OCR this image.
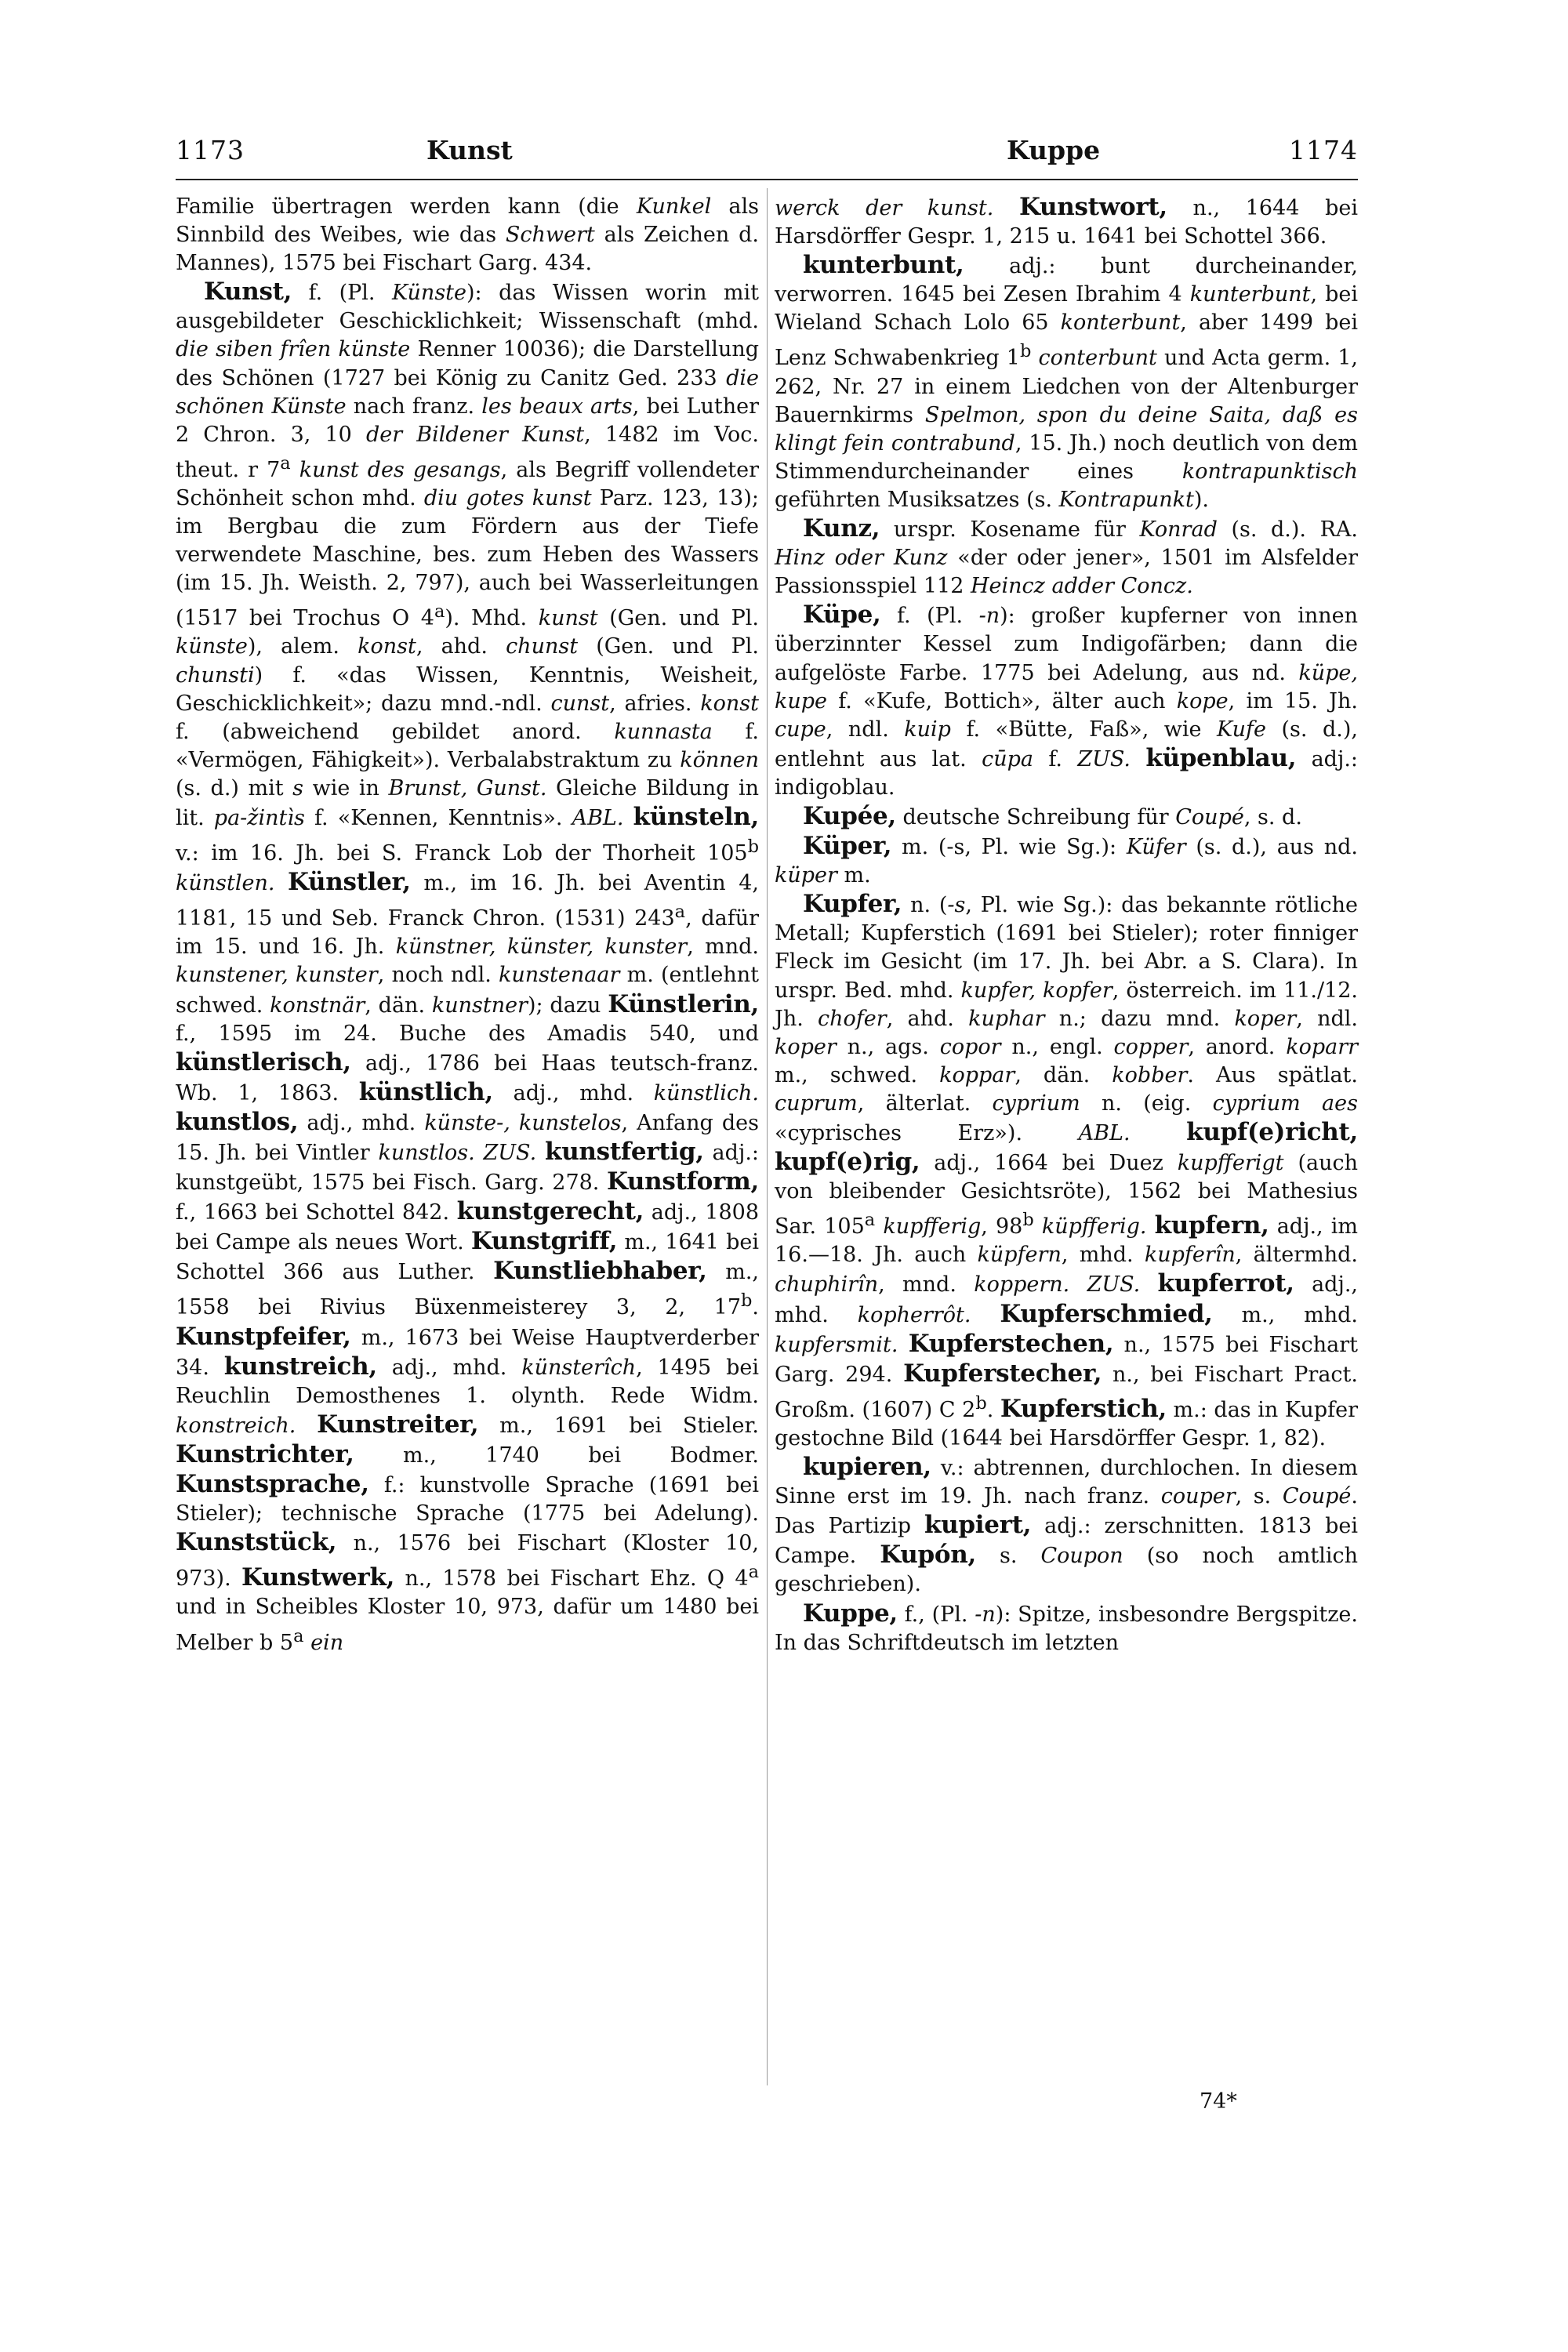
1173	Kunst	Kuppe	1174

Familie übertragen werden kann (die Kunkel als Sinnbild des Weibes, wie das Schwert als Zeichen d. Mannes), 1575 bei Fischart Garg. 434.

Kunst, f. (Pl. Künste): das Wissen worin mit ausgebildeter Geschicklichkeit; Wissenschaft (mhd. die siben frîen künste Renner 10036); die Darstellung des Schönen (1727 bei König zu Canitz Ged. 233 die schönen Künste nach franz. les beaux arts, bei Luther 2 Chron. 3, 10 der Bildener Kunst, 1482 im Voc. theut. r 7$^a$ kunst des gesangs, als Begriff vollendeter Schönheit schon mhd. diu gotes kunst Parz. 123, 13); im Bergbau die zum Fördern aus der Tiefe verwendete Maschine, bes. zum Heben des Wassers (im 15. Jh. Weisth. 2, 797), auch bei Wasserleitungen (1517 bei Trochus O 4$^a$). Mhd. kunst (Gen. und Pl. künste), alem. konst, ahd. chunst (Gen. und Pl. chunsti) f. «das Wissen, Kenntnis, Weisheit, Geschicklichkeit»; dazu mnd.-ndl. cunst, afries. konst f. (abweichend gebildet anord. kunnasta f. «Vermögen, Fähigkeit»). Verbalabstraktum zu können (s. d.) mit s wie in Brunst, Gunst. Gleiche Bildung in lit. pa-žintìs f. «Kennen, Kenntnis». ABL. künsteln, v.: im 16. Jh. bei S. Franck Lob der Thorheit 105$^b$ künstlen. Künstler, m., im 16. Jh. bei Aventin 4, 1181, 15 und Seb. Franck Chron. (1531) 243$^a$, dafür im 15. und 16. Jh. künstner, künster, kunster, mnd. kunstener, kunster, noch ndl. kunstenaar m. (entlehnt schwed. konstnär, dän. kunstner); dazu Künstlerin, f., 1595 im 24. Buche des Amadis 540, und künstlerisch, adj., 1786 bei Haas teutsch-franz. Wb. 1, 1863. künstlich, adj., mhd. künstlich. kunstlos, adj., mhd. künste-, kunstelos, Anfang des 15. Jh. bei Vintler kunstlos. ZUS. kunstfertig, adj.: kunstgeübt, 1575 bei Fisch. Garg. 278. Kunstform, f., 1663 bei Schottel 842. kunstgerecht, adj., 1808 bei Campe als neues Wort. Kunstgriff, m., 1641 bei Schottel 366 aus Luther. Kunstliebhaber, m., 1558 bei Rivius Büxenmeisterey 3, 2, 17$^b$. Kunstpfeifer, m., 1673 bei Weise Hauptverderber 34. kunstreich, adj., mhd. künsterîch, 1495 bei Reuchlin Demosthenes 1. olynth. Rede Widm. konstreich. Kunstreiter, m., 1691 bei Stieler. Kunstrichter, m., 1740 bei Bodmer. Kunstsprache, f.: kunstvolle Sprache (1691 bei Stieler); technische Sprache (1775 bei Adelung). Kunststück, n., 1576 bei Fischart (Kloster 10, 973). Kunstwerk, n., 1578 bei Fischart Ehz. Q 4$^a$ und in Scheibles Kloster 10, 973, dafür um 1480 bei Melber b 5$^a$ ein

werck der kunst. Kunstwort, n., 1644 bei Harsdörffer Gespr. 1, 215 u. 1641 bei Schottel 366.

kunterbunt, adj.: bunt durcheinander, verworren. 1645 bei Zesen Ibrahim 4 kunterbunt, bei Wieland Schach Lolo 65 konterbunt, aber 1499 bei Lenz Schwabenkrieg 1$^b$ conterbunt und Acta germ. 1, 262, Nr. 27 in einem Liedchen von der Altenburger Bauernkirms Spelmon, spon du deine Saita, daß es klingt fein contrabund, 15. Jh.) noch deutlich von dem Stimmendurcheinander eines kontrapunktisch geführten Musiksatzes (s. Kontrapunkt).

Kunz, urspr. Kosename für Konrad (s. d.). RA. Hinz oder Kunz «der oder jener», 1501 im Alsfelder Passionsspiel 112 Heincz adder Concz.

Küpe, f. (Pl. -n): großer kupferner von innen überzinnter Kessel zum Indigofärben; dann die aufgelöste Farbe. 1775 bei Adelung, aus nd. küpe, kupe f. «Kufe, Bottich», älter auch kope, im 15. Jh. cupe, ndl. kuip f. «Bütte, Faß», wie Kufe (s. d.), entlehnt aus lat. cūpa f. ZUS. küpenblau, adj.: indigoblau.

Kupée, deutsche Schreibung für Coupé, s. d.

Küper, m. (-s, Pl. wie Sg.): Küfer (s. d.), aus nd. küper m.

Kupfer, n. (-s, Pl. wie Sg.): das bekannte rötliche Metall; Kupferstich (1691 bei Stieler); roter finniger Fleck im Gesicht (im 17. Jh. bei Abr. a S. Clara). In urspr. Bed. mhd. kupfer, kopfer, österreich. im 11./12. Jh. chofer, ahd. kuphar n.; dazu mnd. koper, ndl. koper n., ags. copor n., engl. copper, anord. koparr m., schwed. koppar, dän. kobber. Aus spätlat. cuprum, älterlat. cyprium n. (eig. cyprium aes «cyprisches Erz»). ABL. kupf(e)richt, kupf(e)rig, adj., 1664 bei Duez kupfferigt (auch von bleibender Gesichtsröte), 1562 bei Mathesius Sar. 105$^a$ kupfferig, 98$^b$ küpfferig. kupfern, adj., im 16.—18. Jh. auch küpfern, mhd. kupferîn, ältermhd. chuphirîn, mnd. koppern. ZUS. kupferrot, adj., mhd. kopherrôt. Kupferschmied, m., mhd. kupfersmit. Kupferstechen, n., 1575 bei Fischart Garg. 294. Kupferstecher, n., bei Fischart Pract. Großm. (1607) C 2$^b$. Kupferstich, m.: das in Kupfer gestochne Bild (1644 bei Harsdörffer Gespr. 1, 82).

kupieren, v.: abtrennen, durchlochen. In diesem Sinne erst im 19. Jh. nach franz. couper, s. Coupé. Das Partizip kupiert, adj.: zerschnitten. 1813 bei Campe. Kupón, s. Coupon (so noch amtlich geschrieben).

Kuppe, f., (Pl. -n): Spitze, insbesondre Bergspitze. In das Schriftdeutsch im letzten

74*
